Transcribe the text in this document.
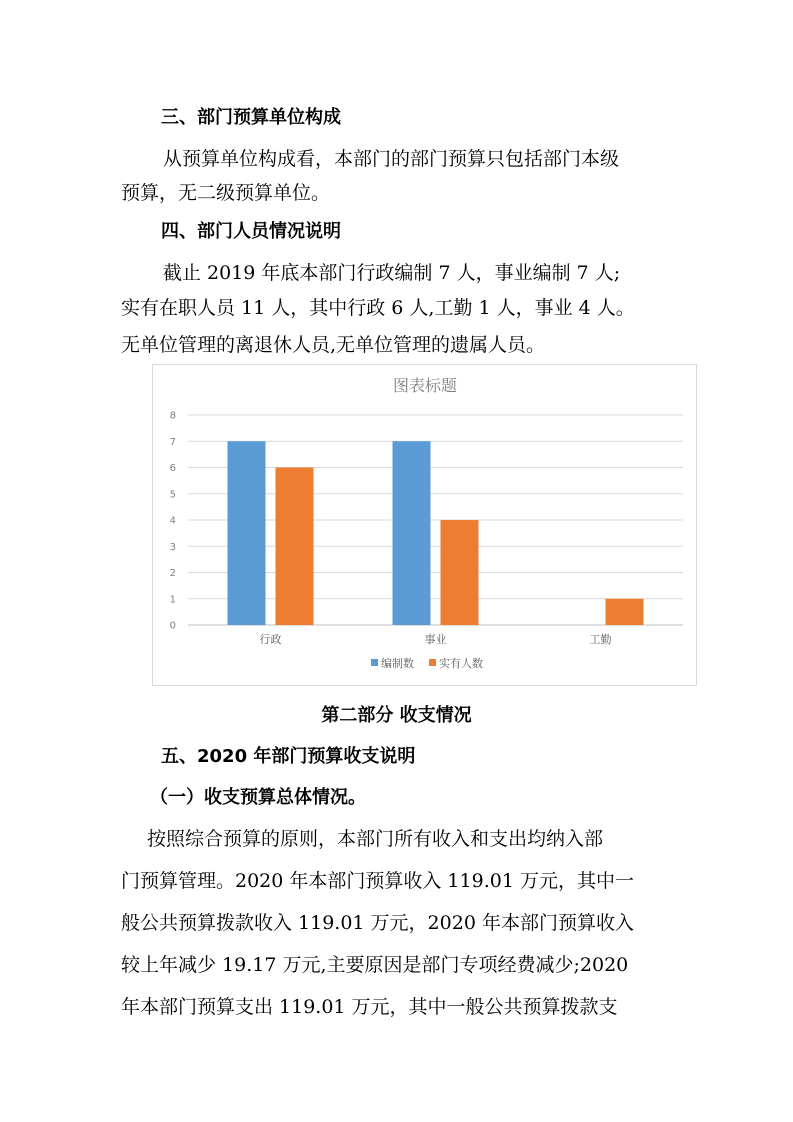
三、部门预算单位构成
从预算单位构成看，本部门的部门预算只包括部门本级
预算，无二级预算单位。
四、部门人员情况说明
截止 2019 年底本部门行政编制 7 人，事业编制 7 人;
实有在职人员 11 人，其中行政 6 人,工勤 1 人，事业 4 人。
无单位管理的离退休人员,无单位管理的遗属人员。
图表标题
0
1
2
3
4
5
6
7
8
行政	事业	工勤
编制数 实有人数
第二部分 收支情况
五、2020 年部门预算收支说明
（一）收支预算总体情况。
按照综合预算的原则，本部门所有收入和支出均纳入部
门预算管理。2020 年本部门预算收入 119.01 万元，其中一
般公共预算拨款收入 119.01 万元，2020 年本部门预算收入
较上年减少 19.17 万元,主要原因是部门专项经费减少;2020
年本部门预算支出 119.01 万元，其中一般公共预算拨款支
